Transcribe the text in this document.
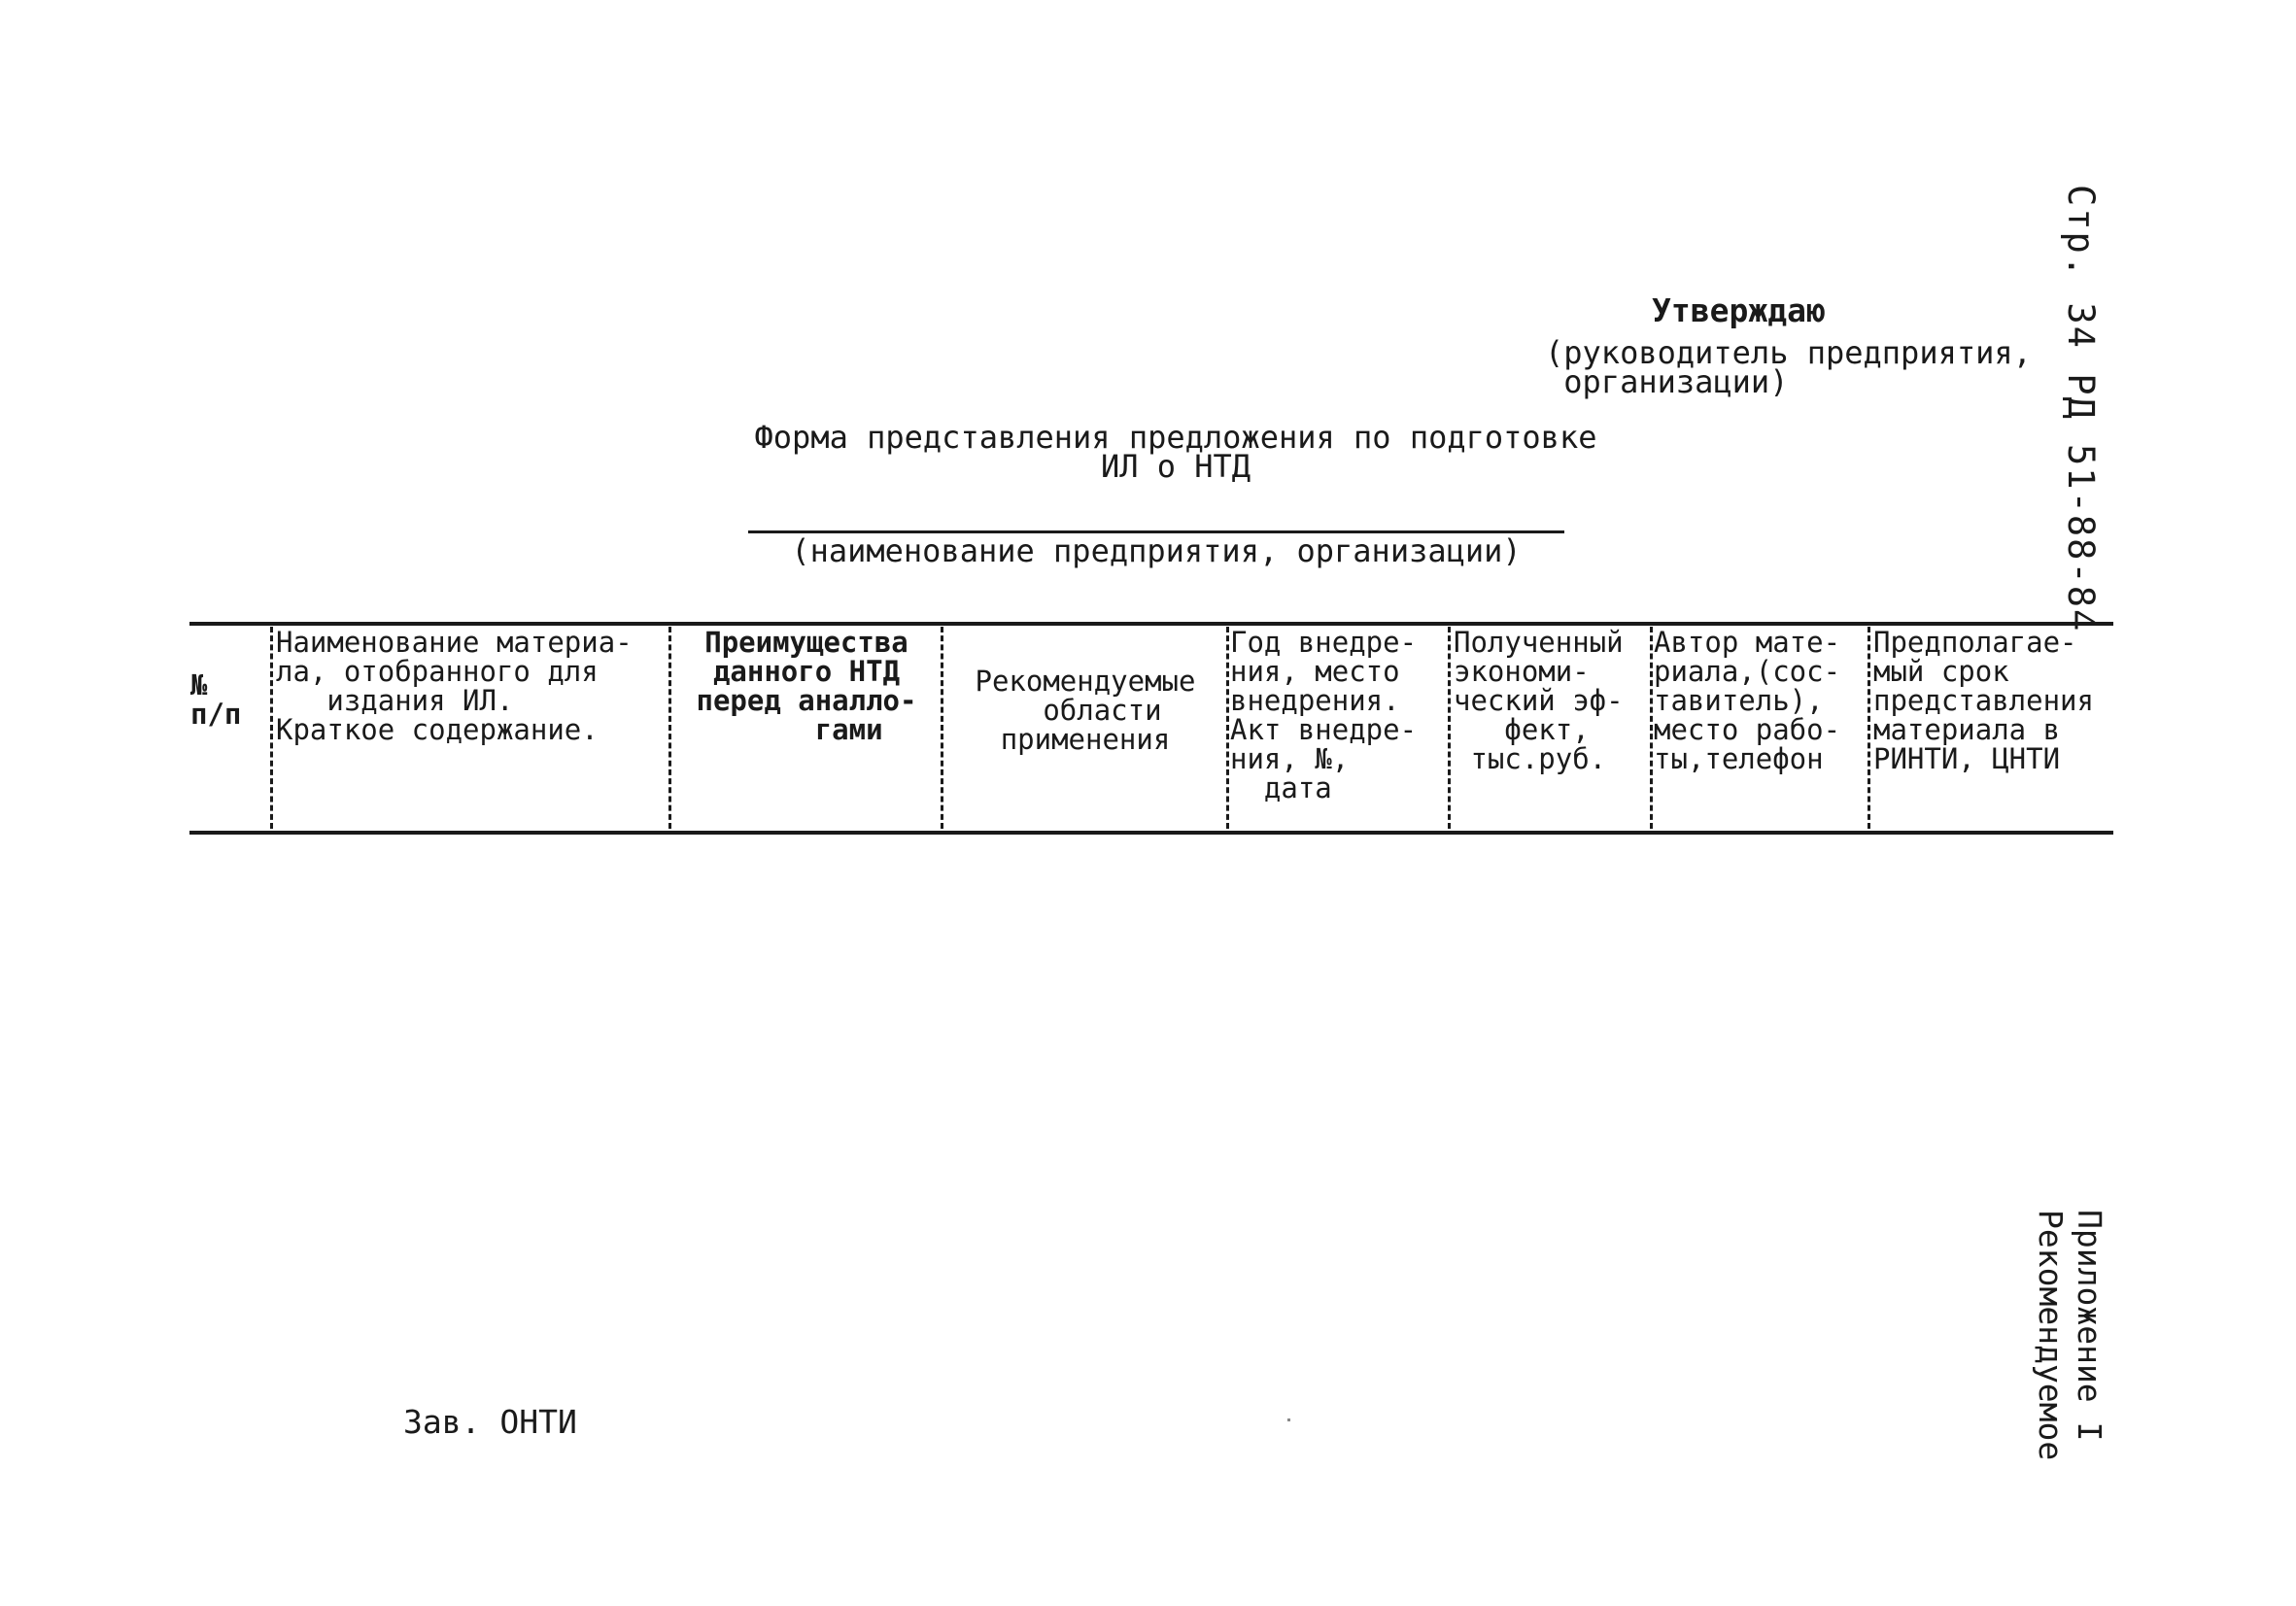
Стр. 34 РД 51-88-84
Утверждаю
(руководитель предприятия,
организации)
Форма представления предложения по подготовке
ИЛ о НТД
(наименование предприятия, организации)
№
п/п
Наименование материа-
ла, отобранного для
издания ИЛ.
Краткое содержание.
Преимущества
данного НТД
перед аналло-
гами
Рекомендуемые
области
применения
Год внедре-
ния, место
внедрения.
Акт внедре-
ния, №,
дата
Полученный
экономи-
ческий эф-
фект,
тыс.руб.
Автор мате-
риала,(сос-
тавитель),
место рабо-
ты,телефон
Предполагае-
мый срок
представления
материала в
РИНТИ, ЦНТИ
Зав. ОНТИ	Приложение I
Рекомендуемое
